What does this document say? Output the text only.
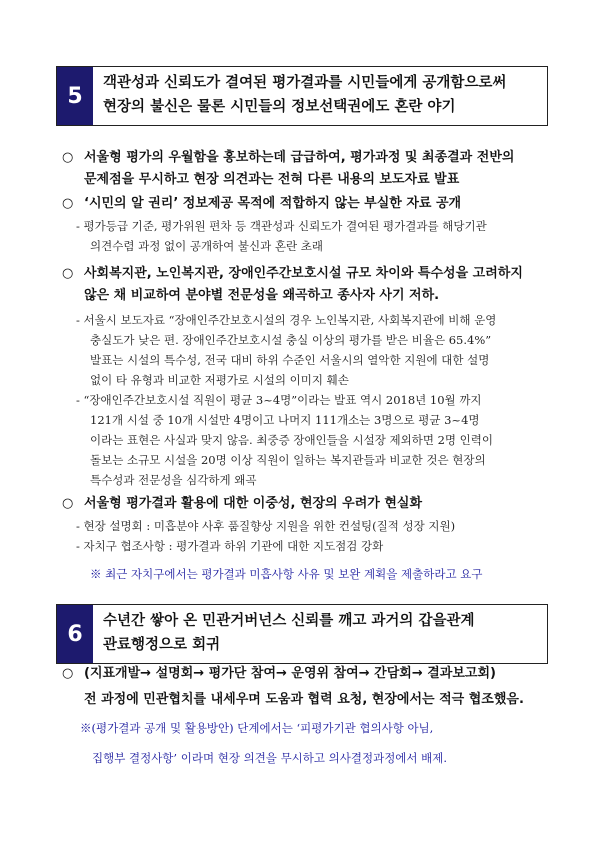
5
객관성과 신뢰도가 결여된 평가결과를 시민들에게 공개함으로써
현장의 불신은 물론 시민들의 정보선택권에도 혼란 야기
○ 서울형 평가의 우월함을 홍보하는데 급급하여, 평가과정 및 최종결과 전반의
문제점을 무시하고 현장 의견과는 전혀 다른 내용의 보도자료 발표
○ ‘시민의 알 권리’ 정보제공 목적에 적합하지 않는 부실한 자료 공개
- 평가등급 기준, 평가위원 편차 등 객관성과 신뢰도가 결여된 평가결과를 해당기관
의견수렴 과정 없이 공개하여 불신과 혼란 초래
○ 사회복지관, 노인복지관, 장애인주간보호시설 규모 차이와 특수성을 고려하지
않은 채 비교하여 분야별 전문성을 왜곡하고 종사자 사기 저하.
- 서울시 보도자료 “장애인주간보호시설의 경우 노인복지관, 사회복지관에 비해 운영
충실도가 낮은 편. 장애인주간보호시설 충실 이상의 평가를 받은 비율은 65.4%”
발표는 시설의 특수성, 전국 대비 하위 수준인 서울시의 열악한 지원에 대한 설명
없이 타 유형과 비교한 저평가로 시설의 이미지 훼손
- “장애인주간보호시설 직원이 평균 3~4명”이라는 발표 역시 2018년 10월 까지
121개 시설 중 10개 시설만 4명이고 나머지 111개소는 3명으로 평균 3~4명
이라는 표현은 사실과 맞지 않음. 최중증 장애인들을 시설장 제외하면 2명 인력이
돌보는 소규모 시설을 20명 이상 직원이 일하는 복지관들과 비교한 것은 현장의
특수성과 전문성을 심각하게 왜곡
○ 서울형 평가결과 활용에 대한 이중성, 현장의 우려가 현실화
- 현장 설명회 : 미흡분야 사후 품질향상 지원을 위한 컨설팅(질적 성장 지원)
- 자치구 협조사항 : 평가결과 하위 기관에 대한 지도점검 강화
※ 최근 자치구에서는 평가결과 미흡사항 사유 및 보완 계획을 제출하라고 요구
6
수년간 쌓아 온 민관거버넌스 신뢰를 깨고 과거의 갑을관계
관료행정으로 회귀
○ (지표개발→ 설명회→ 평가단 참여→ 운영위 참여→ 간담회→ 결과보고회)
전 과정에 민관협치를 내세우며 도움과 협력 요청, 현장에서는 적극 협조했음.
※(평가결과 공개 및 활용방안) 단계에서는 ‘피평가기관 협의사항 아님,
집행부 결정사항’ 이라며 현장 의견을 무시하고 의사결정과정에서 배제.
